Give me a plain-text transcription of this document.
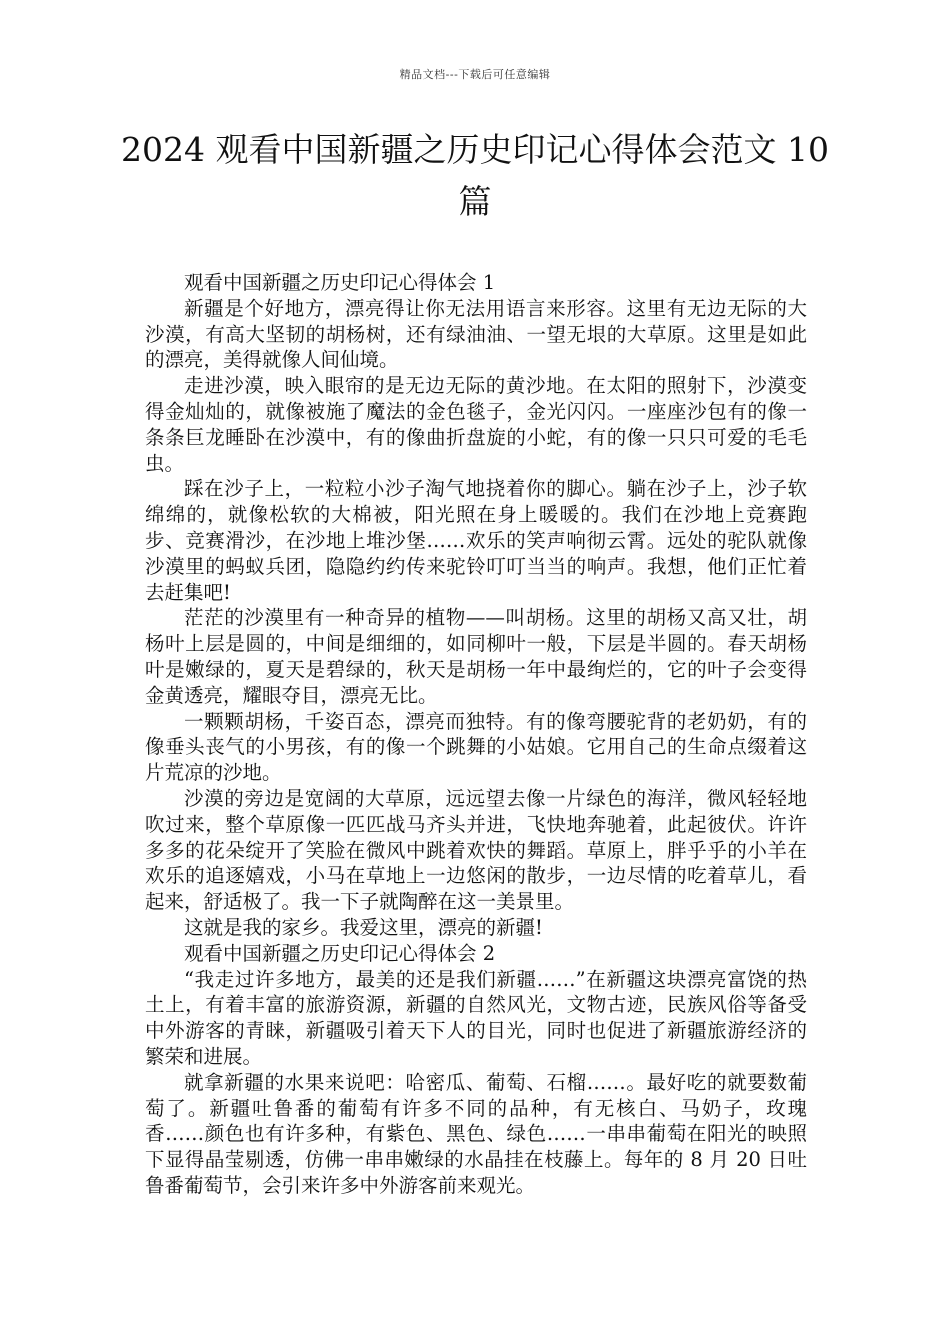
精品文档---下载后可任意编辑
2024 观看中国新疆之历史印记心得体会范文 10 篇

观看中国新疆之历史印记心得体会 1

新疆是个好地方，漂亮得让你无法用语言来形容。这里有无边无际的大沙漠，有高大坚韧的胡杨树，还有绿油油、一望无垠的大草原。这里是如此的漂亮，美得就像人间仙境。

走进沙漠，映入眼帘的是无边无际的黄沙地。在太阳的照射下，沙漠变得金灿灿的，就像被施了魔法的金色毯子，金光闪闪。一座座沙包有的像一条条巨龙睡卧在沙漠中，有的像曲折盘旋的小蛇，有的像一只只可爱的毛毛虫。

踩在沙子上，一粒粒小沙子淘气地挠着你的脚心。躺在沙子上，沙子软绵绵的，就像松软的大棉被，阳光照在身上暖暖的。我们在沙地上竞赛跑步、竞赛滑沙，在沙地上堆沙堡……欢乐的笑声响彻云霄。远处的驼队就像沙漠里的蚂蚁兵团，隐隐约约传来驼铃叮叮当当的响声。我想，他们正忙着去赶集吧!

茫茫的沙漠里有一种奇异的植物——叫胡杨。这里的胡杨又高又壮，胡杨叶上层是圆的，中间是细细的，如同柳叶一般，下层是半圆的。春天胡杨叶是嫩绿的，夏天是碧绿的，秋天是胡杨一年中最绚烂的，它的叶子会变得金黄透亮，耀眼夺目，漂亮无比。

一颗颗胡杨，千姿百态，漂亮而独特。有的像弯腰驼背的老奶奶，有的像垂头丧气的小男孩，有的像一个跳舞的小姑娘。它用自己的生命点缀着这片荒凉的沙地。

沙漠的旁边是宽阔的大草原，远远望去像一片绿色的海洋，微风轻轻地吹过来，整个草原像一匹匹战马齐头并进，飞快地奔驰着，此起彼伏。许许多多的花朵绽开了笑脸在微风中跳着欢快的舞蹈。草原上，胖乎乎的小羊在欢乐的追逐嬉戏，小马在草地上一边悠闲的散步，一边尽情的吃着草儿，看起来，舒适极了。我一下子就陶醉在这一美景里。

这就是我的家乡。我爱这里，漂亮的新疆!

观看中国新疆之历史印记心得体会 2

“我走过许多地方，最美的还是我们新疆……”在新疆这块漂亮富饶的热土上，有着丰富的旅游资源，新疆的自然风光，文物古迹，民族风俗等备受中外游客的青睐，新疆吸引着天下人的目光，同时也促进了新疆旅游经济的繁荣和进展。

就拿新疆的水果来说吧：哈密瓜、葡萄、石榴……。最好吃的就要数葡萄了。新疆吐鲁番的葡萄有许多不同的品种，有无核白、马奶子，玫瑰香……颜色也有许多种，有紫色、黑色、绿色……一串串葡萄在阳光的映照下显得晶莹剔透，仿佛一串串嫩绿的水晶挂在枝藤上。每年的 8 月 20 日吐鲁番葡萄节，会引来许多中外游客前来观光。
